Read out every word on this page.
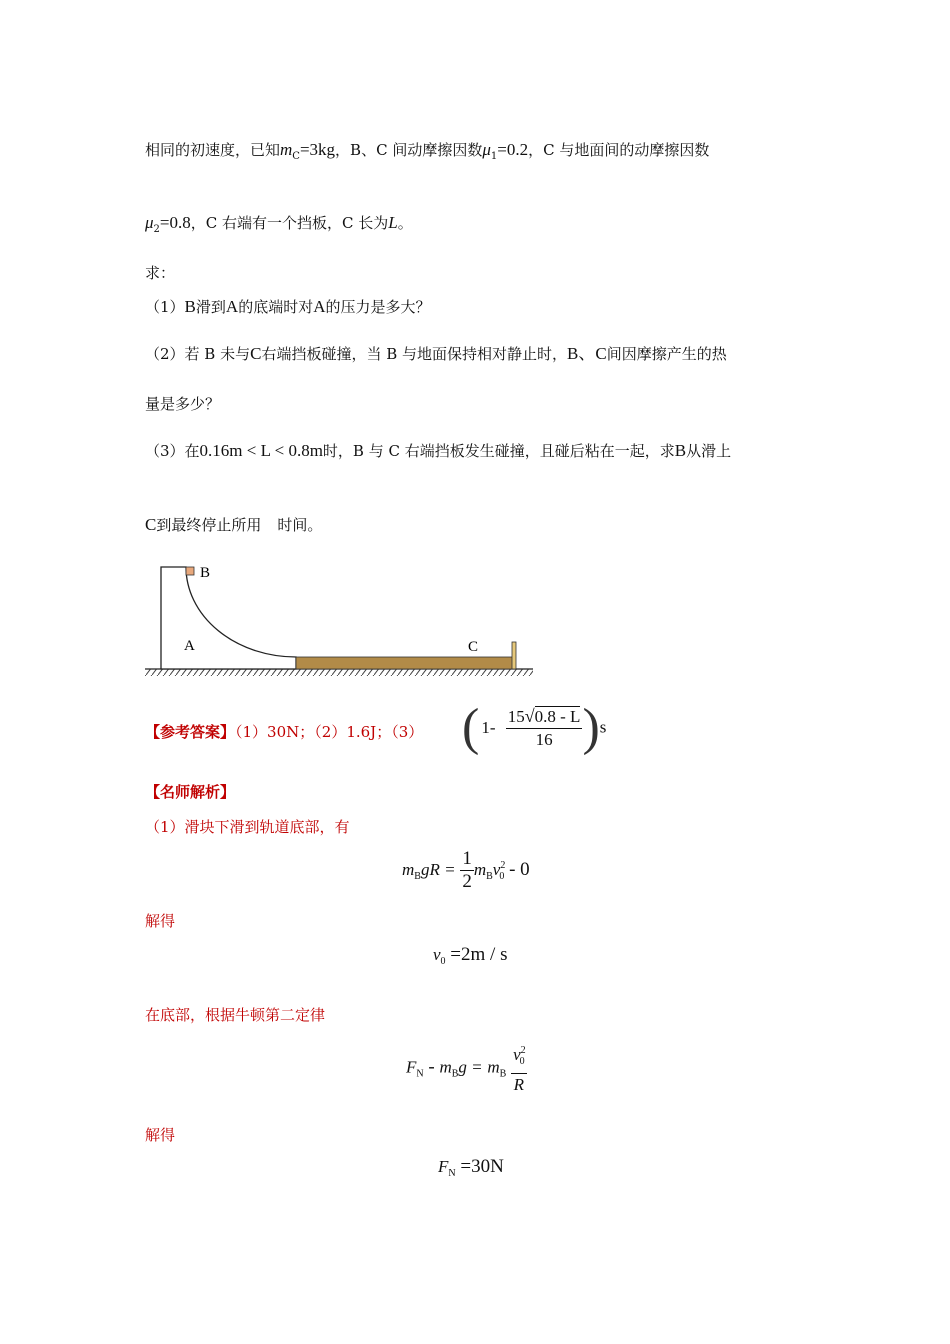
相同的初速度，已知$m_C=3kg$，B、C 间动摩擦因数$\mu_1=0.2$，C 与地面间的动摩擦因数
$\mu_2=0.8$，C 右端有一个挡板，C 长为L。
求：
（1）B滑到A的底端时对A的压力是多大？
（2）若 B 未与C右端挡板碰撞，当 B 与地面保持相对静止时，B、C间因摩擦产生的热
量是多少？
（3）在0.16m < L < 0.8m时，B 与 C 右端挡板发生碰撞，且碰后粘在一起，求B从滑上
C到最终停止所用 时间。
B
A	C
【参考答案】（1）30N；（2）1.6J；（3） ( $1- \frac{15√0.8 - L}{16} )s$
【名师解析】
（1）滑块下滑到轨道底部，有
$m_BgR = \frac{1}{2} m_Bv^2_0 - 0$
解得
$v_0 =2m / s$
在底部，根据牛顿第二定律
$F_N - m_Bg = m_B \frac{v^2_0}{R}$
解得
$F_N =30N$
